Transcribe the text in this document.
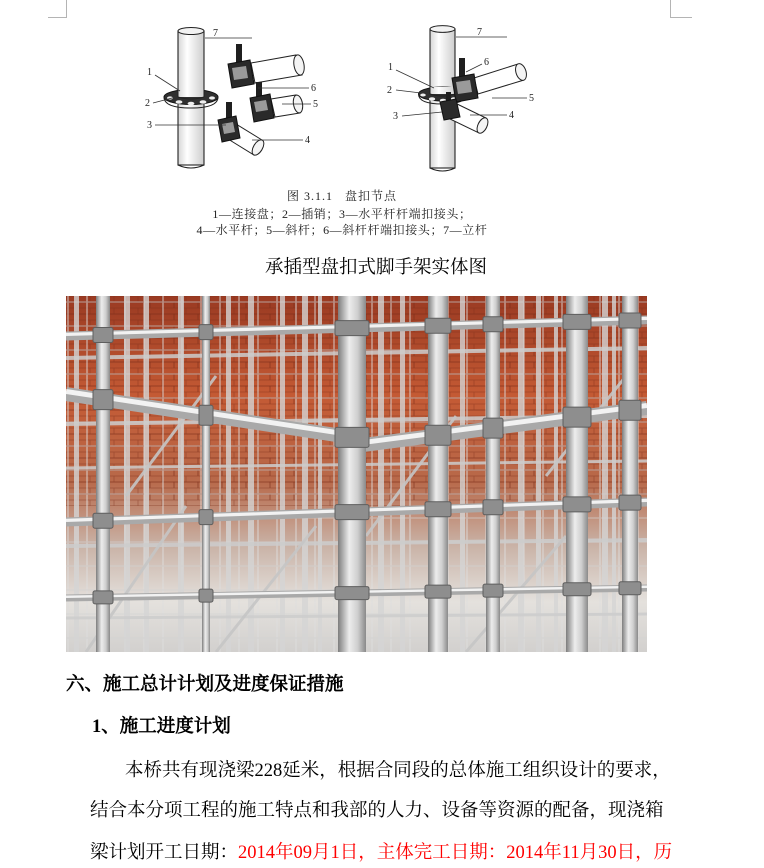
1
2
3
4
5
6
7
1
2
3	4
5
6
7
图 3.1.1   盘扣节点
1—连接盘；2—插销；3—水平杆杆端扣接头；
4—水平杆；5—斜杆；6—斜杆杆端扣接头；7—立杆
承插型盘扣式脚手架实体图
六、施工总计计划及进度保证措施
1、施工进度计划
本桥共有现浇梁228延米，根据合同段的总体施工组织设计的要求，
结合本分项工程的施工特点和我部的人力、设备等资源的配备，现浇箱
梁计划开工日期：2014年09月1日，主体完工日期：2014年11月30日，历
